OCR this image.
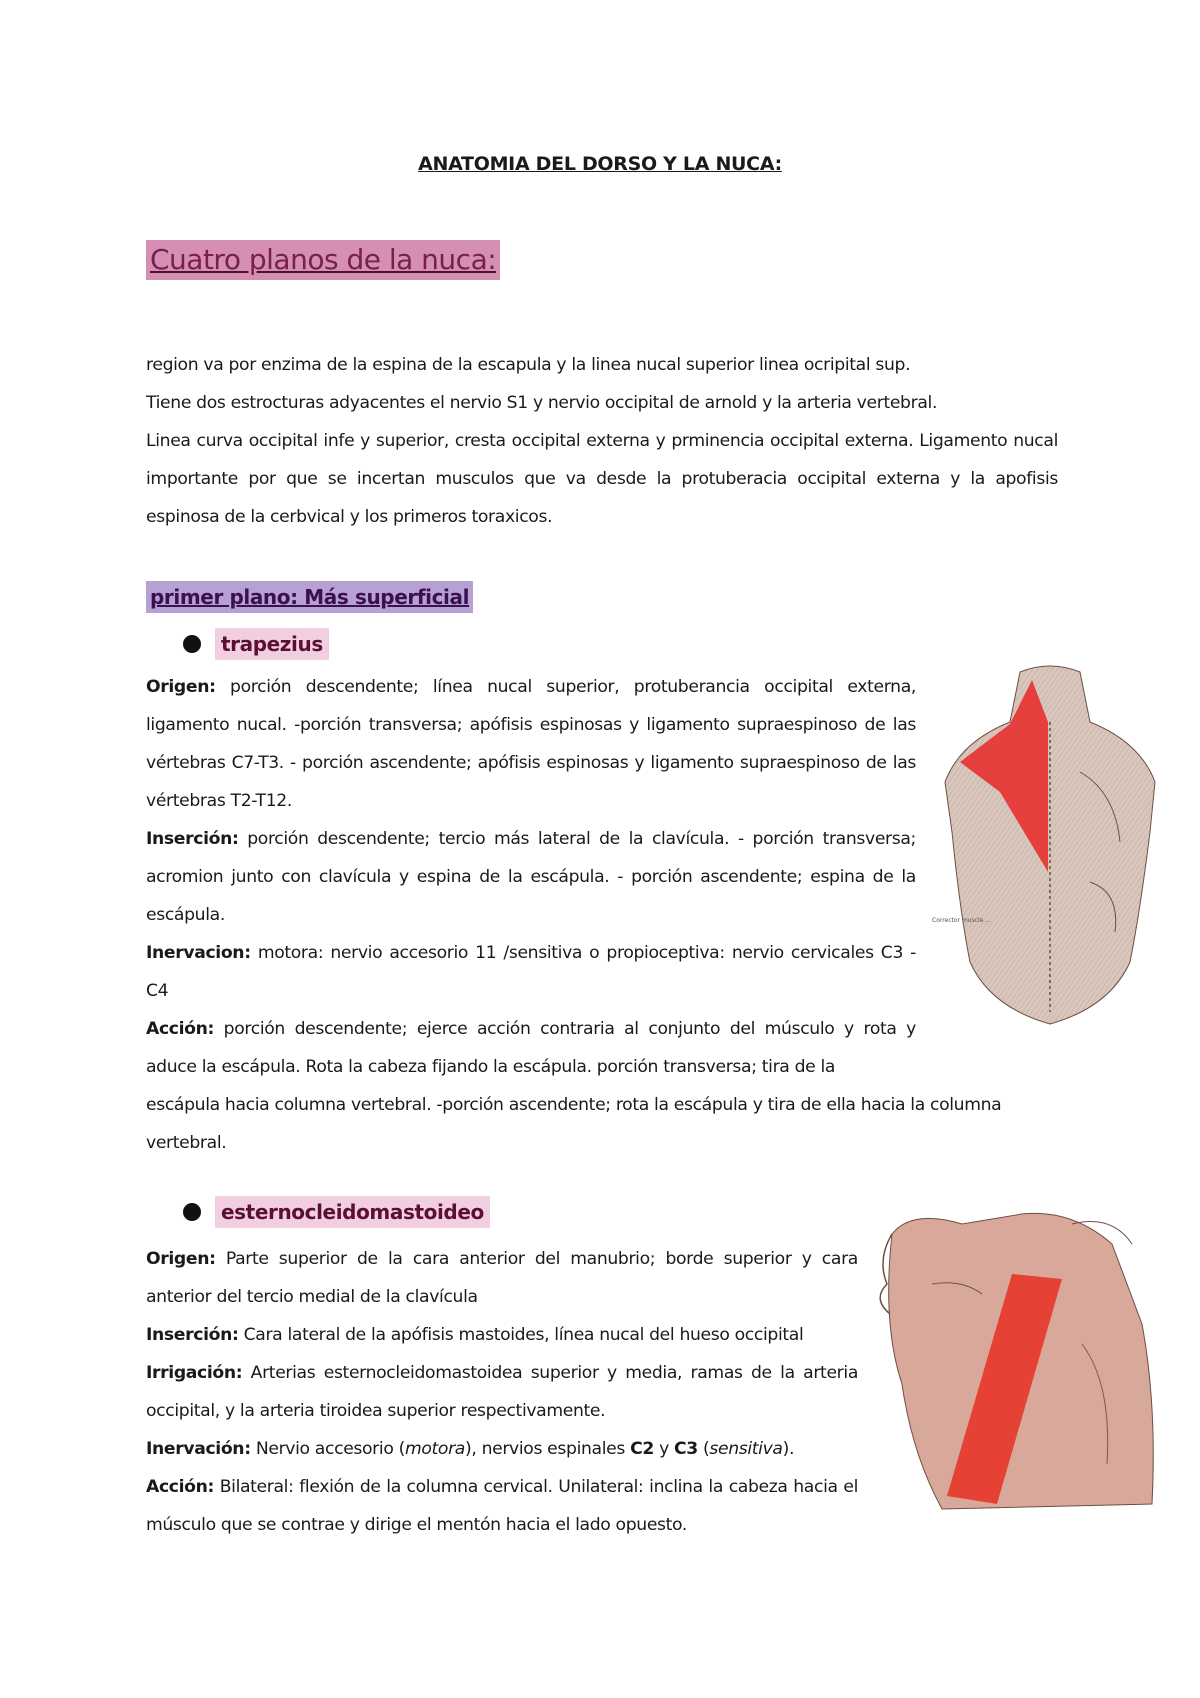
ANATOMIA DEL DORSO Y LA NUCA:
Cuatro planos de la nuca:

region va por enzima de la espina de la escapula y la linea nucal superior linea ocripital sup.

Tiene dos estrocturas adyacentes el nervio S1 y nervio occipital de arnold y la arteria vertebral.

Linea curva occipital infe y superior, cresta occipital externa y prminencia occipital externa. Ligamento nucal importante por que se incertan musculos que va desde la protuberacia occipital externa y la apofisis espinosa de la cerbvical y los primeros toraxicos.

primer plano: Más superficial
trapezius

Origen: porción descendente; línea nucal superior, protuberancia occipital externa, ligamento nucal. -porción transversa; apófisis espinosas y ligamento supraespinoso de las vértebras C7-T3. - porción ascendente; apófisis espinosas y ligamento supraespinoso de las vértebras T2-T12.

Inserción: porción descendente; tercio más lateral de la clavícula. - porción transversa; acromion junto con clavícula y espina de la escápula. - porción ascendente; espina de la escápula.

Inervacion: motora: nervio accesorio 11 /sensitiva o propioceptiva: nervio cervicales C3 - C4

Acción: porción descendente; ejerce acción contraria al conjunto del músculo y rota y aduce la escápula. Rota la cabeza fijando la escápula. porción transversa; tira de la

escápula hacia columna vertebral. -porción ascendente; rota la escápula y tira de ella hacia la columna vertebral.
esternocleidomastoideo

Origen: Parte superior de la cara anterior del manubrio; borde superior y cara anterior del tercio medial de la clavícula

Inserción: Cara lateral de la apófisis mastoides, línea nucal del hueso occipital

Irrigación: Arterias esternocleidomastoidea superior y media, ramas de la arteria occipital, y la arteria tiroidea superior respectivamente.

Inervación: Nervio accesorio (motora), nervios espinales C2 y C3 (sensitiva).

Acción: Bilateral: flexión de la columna cervical. Unilateral: inclina la cabeza hacia el músculo que se contrae y dirige el mentón hacia el lado opuesto.

Corrector muscle ...
